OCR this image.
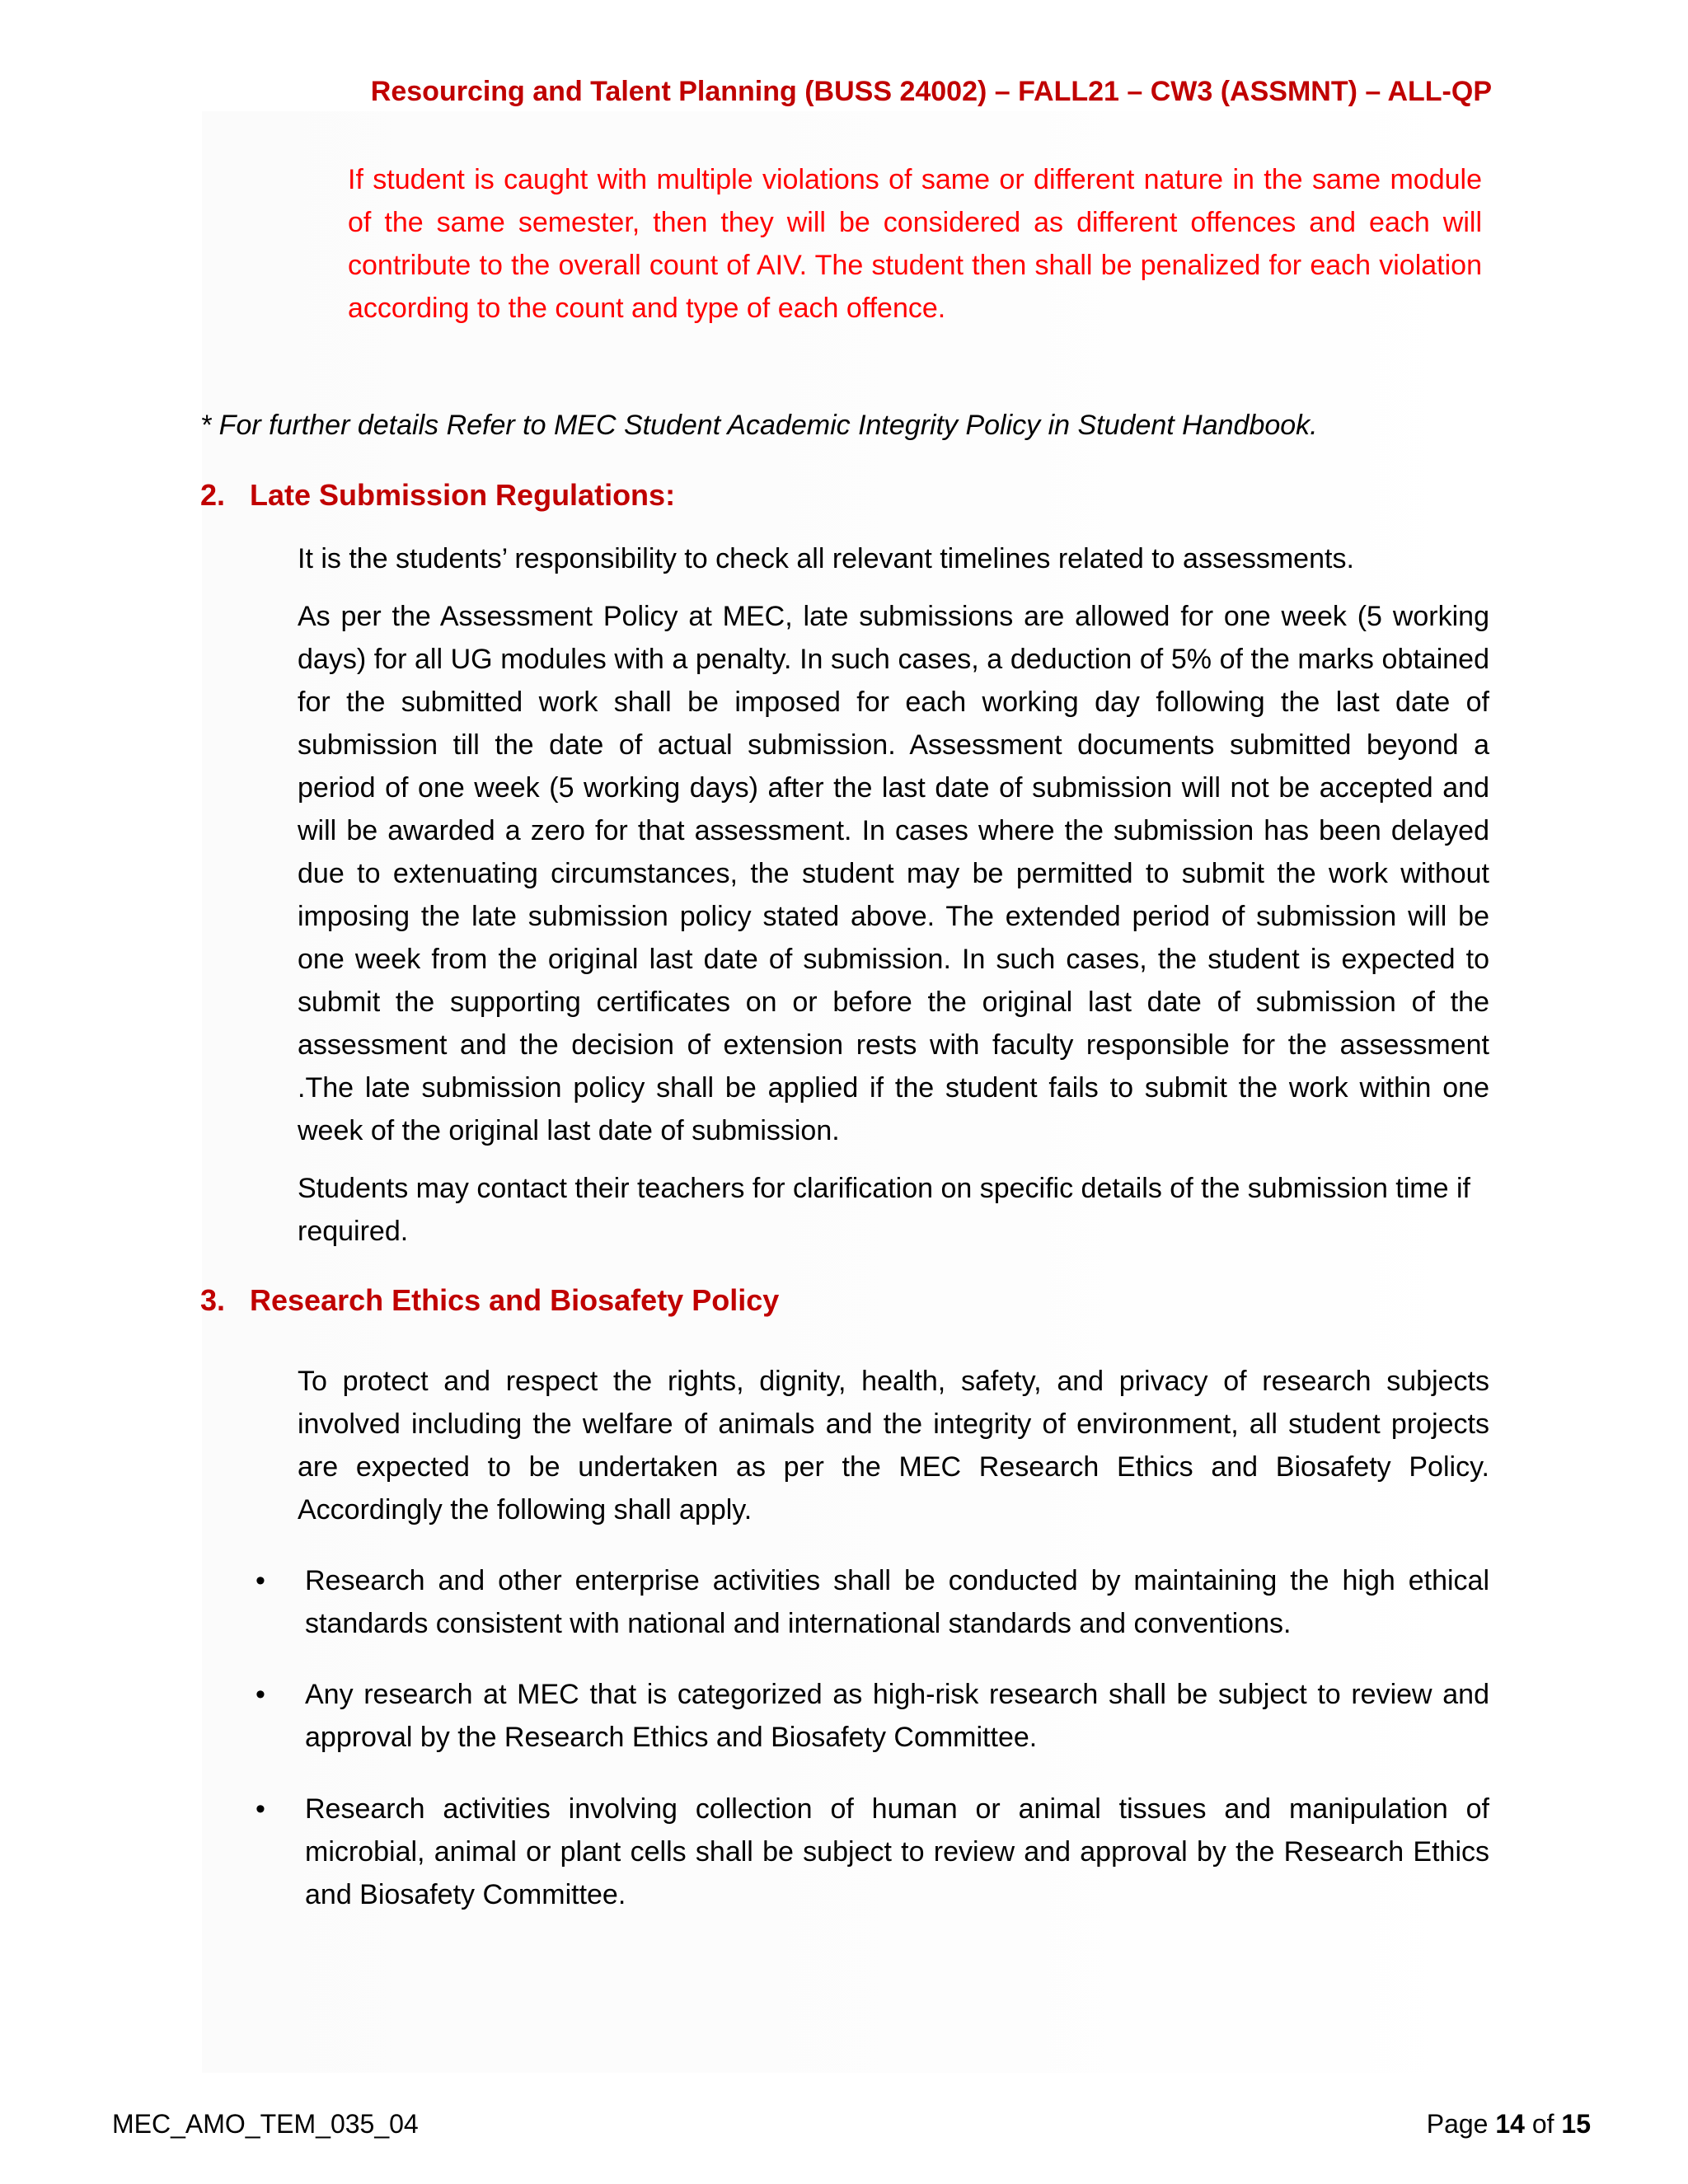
Resourcing and Talent Planning (BUSS 24002) – FALL21 – CW3 (ASSMNT) – ALL-QP

If student is caught with multiple violations of same or different nature in the same module of the same semester, then they will be considered as different offences and each will contribute to the overall count of AIV. The student then shall be penalized for each violation according to the count and type of each offence.

* For further details Refer to MEC Student Academic Integrity Policy in Student Handbook.

2. Late Submission Regulations:

It is the students’ responsibility to check all relevant timelines related to assessments.

As per the Assessment Policy at MEC, late submissions are allowed for one week (5 working days) for all UG modules with a penalty. In such cases, a deduction of 5% of the marks obtained for the submitted work shall be imposed for each working day following the last date of submission till the date of actual submission. Assessment documents submitted beyond a period of one week (5 working days) after the last date of submission will not be accepted and will be awarded a zero for that assessment. In cases where the submission has been delayed due to extenuating circumstances, the student may be permitted to submit the work without imposing the late submission policy stated above. The extended period of submission will be one week from the original last date of submission. In such cases, the student is expected to submit the supporting certificates on or before the original last date of submission of the assessment and the decision of extension rests with faculty responsible for the assessment .The late submission policy shall be applied if the student fails to submit the work within one week of the original last date of submission.

Students may contact their teachers for clarification on specific details of the submission time if required.

3. Research Ethics and Biosafety Policy

To protect and respect the rights, dignity, health, safety, and privacy of research subjects involved including the welfare of animals and the integrity of environment, all student projects are expected to be undertaken as per the MEC Research Ethics and Biosafety Policy. Accordingly the following shall apply.

•	Research and other enterprise activities shall be conducted by maintaining the high ethical standards consistent with national and international standards and conventions.
•	Any research at MEC that is categorized as high-risk research shall be subject to review and approval by the Research Ethics and Biosafety Committee.
•	Research activities involving collection of human or animal tissues and manipulation of microbial, animal or plant cells shall be subject to review and approval by the Research Ethics and Biosafety Committee.
MEC_AMO_TEM_035_04	Page 14 of 15
